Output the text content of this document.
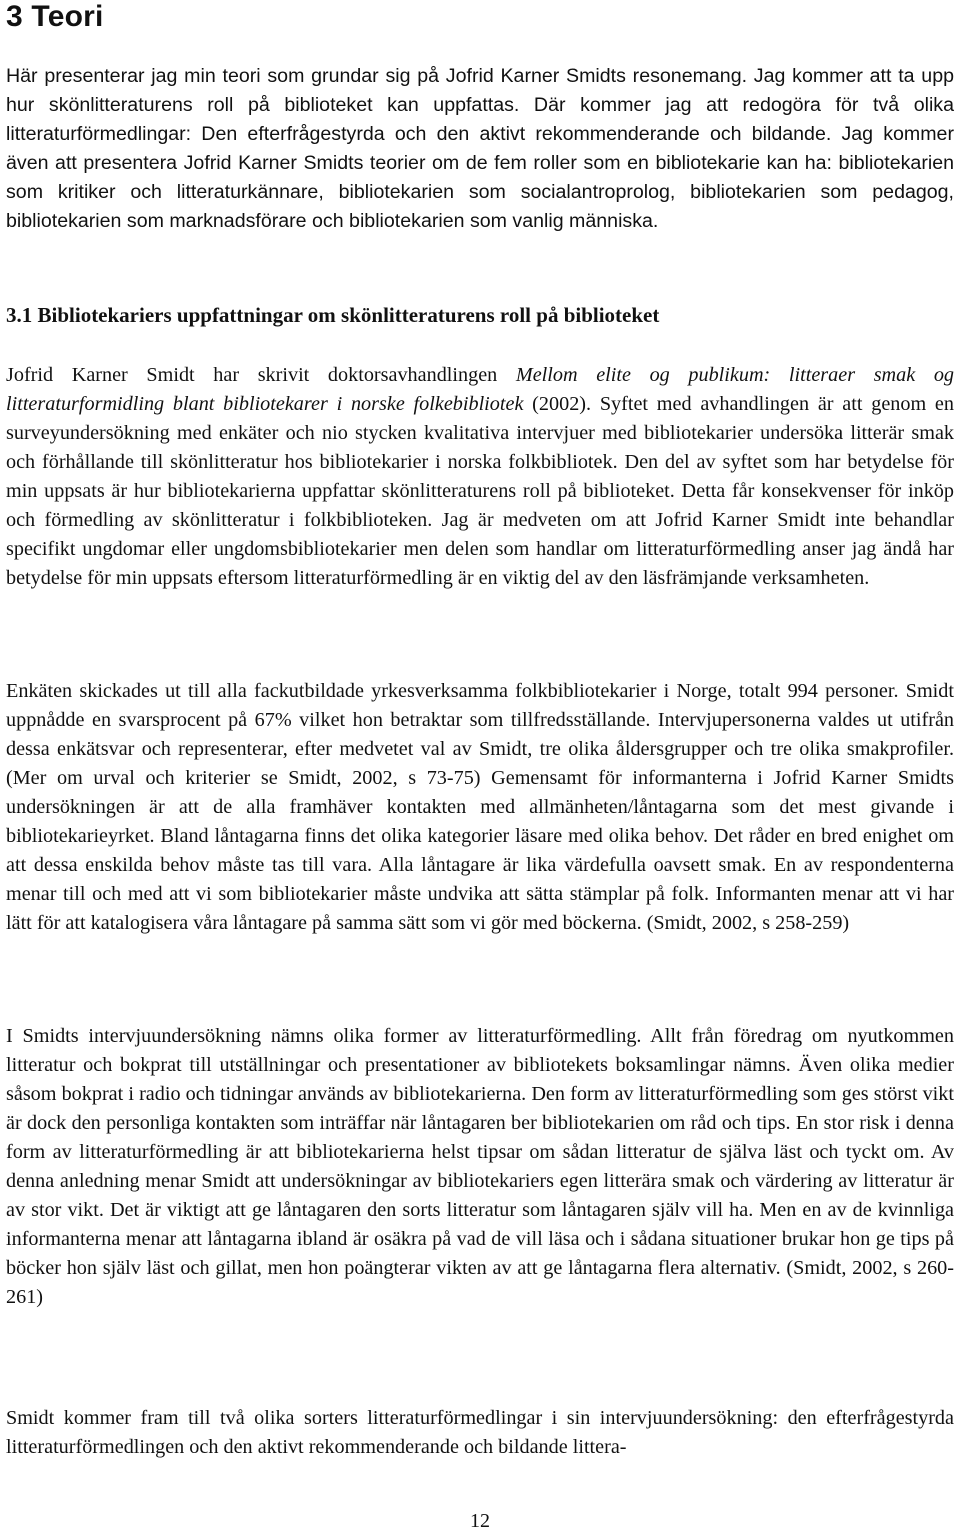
3 Teori

Här presenterar jag min teori som grundar sig på Jofrid Karner Smidts resonemang. Jag kommer att ta upp hur skönlitteraturens roll på biblioteket kan uppfattas. Där kommer jag att redogöra för två olika litteraturförmedlingar: Den efterfrågestyrda och den aktivt rekommenderande och bildande. Jag kommer även att presentera Jofrid Karner Smidts teorier om de fem roller som en bibliotekarie kan ha: bibliotekarien som kritiker och litteraturkännare, bibliotekarien som socialantroprolog, bibliotekarien som pedagog, bibliotekarien som marknadsförare och bibliotekarien som vanlig människa.

3.1 Bibliotekariers uppfattningar om skönlitteraturens roll på biblioteket

Jofrid Karner Smidt har skrivit doktorsavhandlingen Mellom elite og publikum: litteraer smak og litteraturformidling blant bibliotekarer i norske folkebibliotek (2002). Syftet med avhandlingen är att genom en surveyundersökning med enkäter och nio stycken kvalitativa intervjuer med bibliotekarier undersöka litterär smak och förhållande till skönlitteratur hos bibliotekarier i norska folkbibliotek. Den del av syftet som har betydelse för min uppsats är hur bibliotekarierna uppfattar skönlitteraturens roll på biblioteket. Detta får konsekvenser för inköp och förmedling av skönlitteratur i folkbiblioteken. Jag är medveten om att Jofrid Karner Smidt inte behandlar specifikt ungdomar eller ungdomsbibliotekarier men delen som handlar om litteraturförmedling anser jag ändå har betydelse för min uppsats eftersom litteraturförmedling är en viktig del av den läsfrämjande verksamheten.

Enkäten skickades ut till alla fackutbildade yrkesverksamma folkbibliotekarier i Norge, totalt 994 personer. Smidt uppnådde en svarsprocent på 67% vilket hon betraktar som tillfredsställande. Intervjupersonerna valdes ut utifrån dessa enkätsvar och representerar, efter medvetet val av Smidt, tre olika åldersgrupper och tre olika smakprofiler. (Mer om urval och kriterier se Smidt, 2002, s 73-75) Gemensamt för informanterna i Jofrid Karner Smidts undersökningen är att de alla framhäver kontakten med allmänheten/låntagarna som det mest givande i bibliotekarieyrket. Bland låntagarna finns det olika kategorier läsare med olika behov. Det råder en bred enighet om att dessa enskilda behov måste tas till vara. Alla låntagare är lika värdefulla oavsett smak. En av respondenterna menar till och med att vi som bibliotekarier måste undvika att sätta stämplar på folk. Informanten menar att vi har lätt för att katalogisera våra låntagare på samma sätt som vi gör med böckerna. (Smidt, 2002, s 258-259)

I Smidts intervjuundersökning nämns olika former av litteraturförmedling. Allt från föredrag om nyutkommen litteratur och bokprat till utställningar och presentationer av bibliotekets boksamlingar nämns. Även olika medier såsom bokprat i radio och tidningar används av bibliotekarierna. Den form av litteraturförmedling som ges störst vikt är dock den personliga kontakten som inträffar när låntagaren ber bibliotekarien om råd och tips. En stor risk i denna form av litteraturförmedling är att bibliotekarierna helst tipsar om sådan litteratur de själva läst och tyckt om. Av denna anledning menar Smidt att undersökningar av bibliotekariers egen litterära smak och värdering av litteratur är av stor vikt. Det är viktigt att ge låntagaren den sorts litteratur som låntagaren själv vill ha. Men en av de kvinnliga informanterna menar att låntagarna ibland är osäkra på vad de vill läsa och i sådana situationer brukar hon ge tips på böcker hon själv läst och gillat, men hon poängterar vikten av att ge låntagarna flera alternativ. (Smidt, 2002, s 260-261)

Smidt kommer fram till två olika sorters litteraturförmedlingar i sin intervjuundersökning: den efterfrågestyrda litteraturförmedlingen och den aktivt rekommenderande och bildande littera-

12
